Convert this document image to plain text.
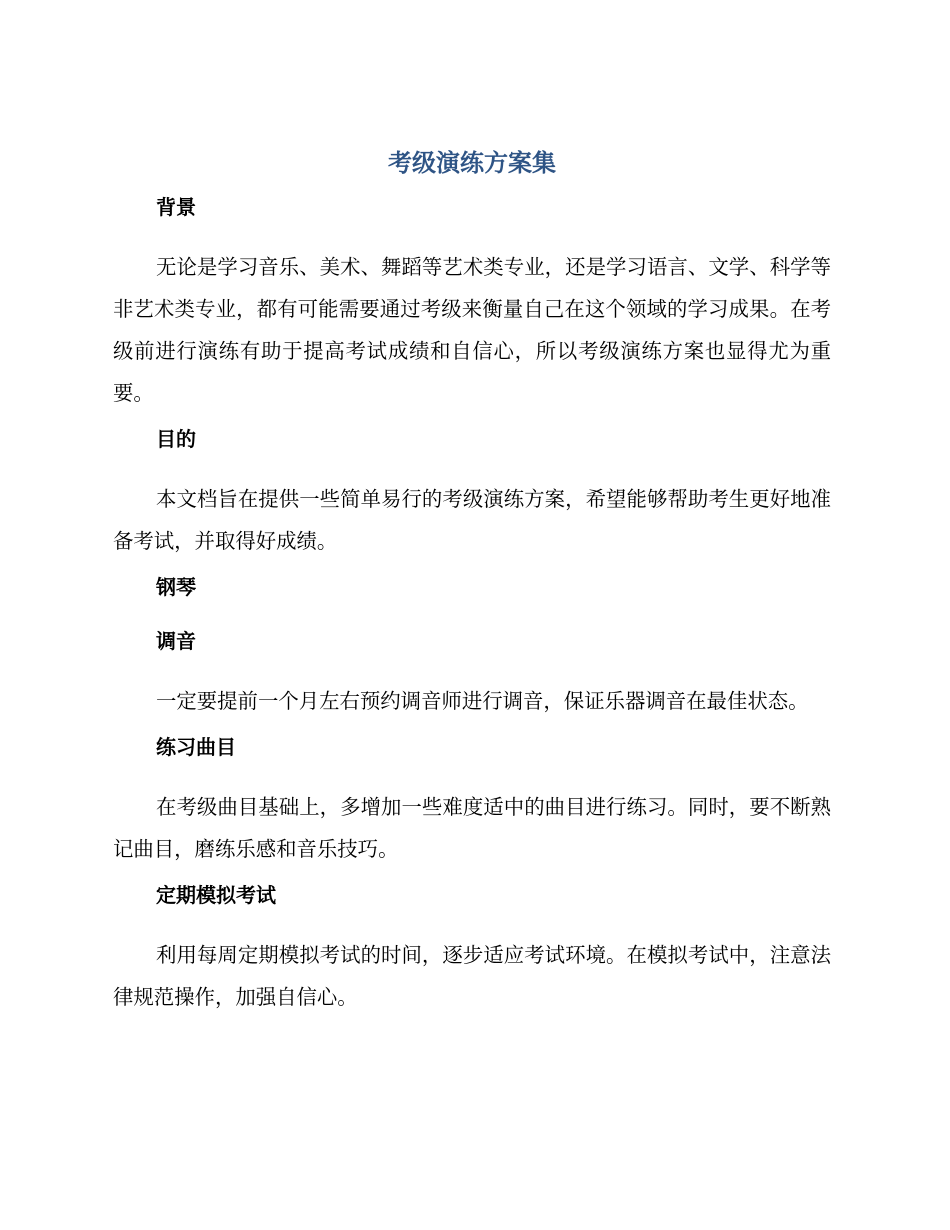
考级演练方案集
背景

无论是学习音乐、美术、舞蹈等艺术类专业，还是学习语言、文学、科学等非艺术类专业，都有可能需要通过考级来衡量自己在这个领域的学习成果。在考级前进行演练有助于提高考试成绩和自信心，所以考级演练方案也显得尤为重要。

目的

本文档旨在提供一些简单易行的考级演练方案，希望能够帮助考生更好地准备考试，并取得好成绩。

钢琴
调音

一定要提前一个月左右预约调音师进行调音，保证乐器调音在最佳状态。

练习曲目

在考级曲目基础上，多增加一些难度适中的曲目进行练习。同时，要不断熟记曲目，磨练乐感和音乐技巧。

定期模拟考试

利用每周定期模拟考试的时间，逐步适应考试环境。在模拟考试中，注意法律规范操作，加强自信心。
